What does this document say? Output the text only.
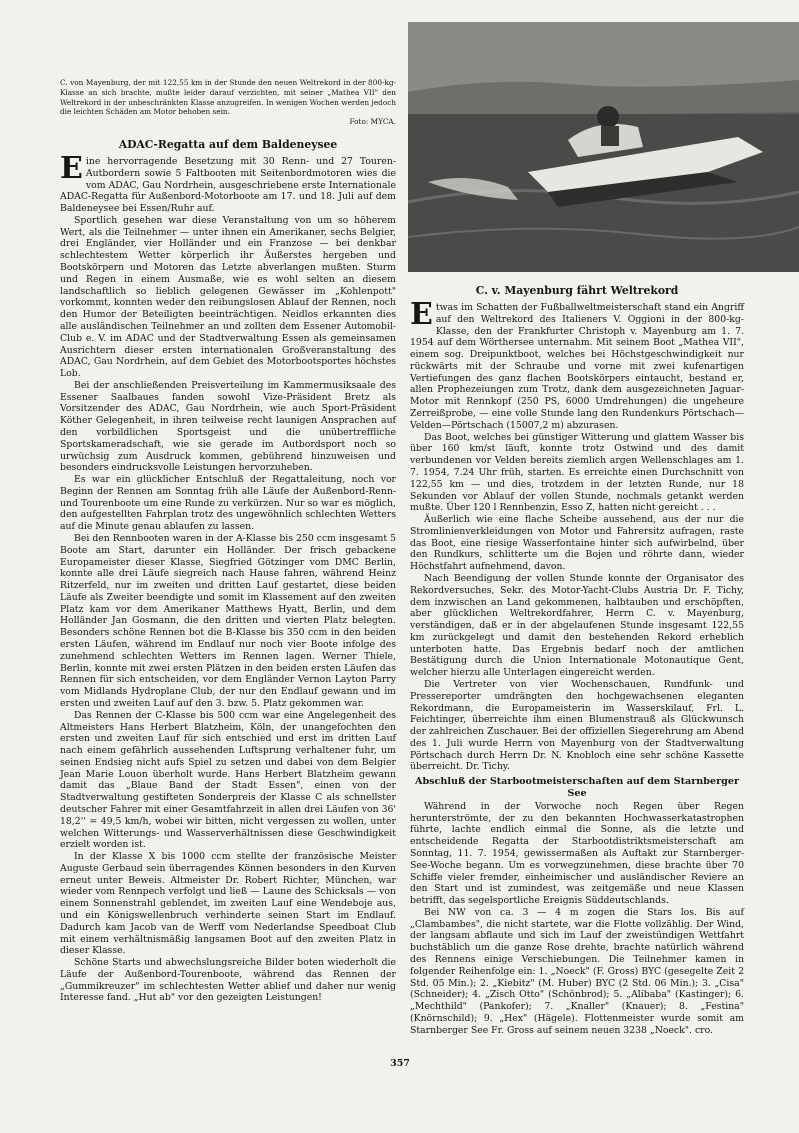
C. von Mayenburg, der mit 122,55 km in der Stunde den neuen Weltrekord in der 800-kg-Klasse an sich brachte, mußte leider darauf verzichten, mit seiner „Mathea VII" den Weltrekord in der unbeschränkten Klasse anzugreifen. In wenigen Wochen werden jedoch die leichten Schäden am Motor behoben sein.
Foto: MYCA.
ADAC-Regatta auf dem Baldeneysee

Eine hervorragende Besetzung mit 30 Renn- und 27 Touren-Autbordern sowie 5 Faltbooten mit Seitenbordmotoren wies die vom ADAC, Gau Nordrhein, ausgeschriebene erste Internationale ADAC-Regatta für Außenbord-Motorboote am 17. und 18. Juli auf dem Baldeneysee bei Essen/Ruhr auf.

Sportlich gesehen war diese Veranstaltung von um so höherem Wert, als die Teilnehmer — unter ihnen ein Amerikaner, sechs Belgier, drei Engländer, vier Holländer und ein Franzose — bei denkbar schlechtestem Wetter körperlich ihr Äußerstes hergeben und Bootskörpern und Motoren das Letzte abverlangen mußten. Sturm und Regen in einem Ausmaße, wie es wohl selten an diesem landschaftlich so lieblich gelegenen Gewässer im „Kohlenpott" vorkommt, konnten weder den reibungslosen Ablauf der Rennen, noch den Humor der Beteiligten beeinträchtigen. Neidlos erkannten dies alle ausländischen Teilnehmer an und zollten dem Essener Automobil-Club e. V. im ADAC und der Stadtverwaltung Essen als gemeinsamen Ausrichtern dieser ersten internationalen Großveranstaltung des ADAC, Gau Nordrhein, auf dem Gebiet des Motorbootsportes höchstes Lob.

Bei der anschließenden Preisverteilung im Kammermusiksaale des Essener Saalbaues fanden sowohl Vize-Präsident Bretz als Vorsitzender des ADAC, Gau Nordrhein, wie auch Sport-Präsident Köther Gelegenheit, in ihren teilweise recht launigen Ansprachen auf den vorbildlichen Sportsgeist und die unübertreffliche Sportskameradschaft, wie sie gerade im Autbordsport noch so urwüchsig zum Ausdruck kommen, gebührend hinzuweisen und besonders eindrucksvolle Leistungen hervorzuheben.

Es war ein glücklicher Entschluß der Regattaleitung, noch vor Beginn der Rennen am Sonntag früh alle Läufe der Außenbord-Renn- und Tourenboote um eine Runde zu verkürzen. Nur so war es möglich, den aufgestellten Fahrplan trotz des ungewöhnlich schlechten Wetters auf die Minute genau ablaufen zu lassen.

Bei den Rennbooten waren in der A-Klasse bis 250 ccm insgesamt 5 Boote am Start, darunter ein Holländer. Der frisch gebackene Europameister dieser Klasse, Siegfried Götzinger vom DMC Berlin, konnte alle drei Läufe siegreich nach Hause fahren, während Heinz Ritzerfeld, nur im zweiten und dritten Lauf gestartet, diese beiden Läufe als Zweiter beendigte und somit im Klassement auf den zweiten Platz kam vor dem Amerikaner Matthews Hyatt, Berlin, und dem Holländer Jan Gosmann, die den dritten und vierten Platz belegten. Besonders schöne Rennen bot die B-Klasse bis 350 ccm in den beiden ersten Läufen, während im Endlauf nur noch vier Boote infolge des zunehmend schlechten Wetters im Rennen lagen. Werner Thiele, Berlin, konnte mit zwei ersten Plätzen in den beiden ersten Läufen das Rennen für sich entscheiden, vor dem Engländer Vernon Layton Parry vom Midlands Hydroplane Club, der nur den Endlauf gewann und im ersten und zweiten Lauf auf den 3. bzw. 5. Platz gekommen war.

Das Rennen der C-Klasse bis 500 ccm war eine Angelegenheit des Altmeisters Hans Herbert Blatzheim, Köln, der unangefochten den ersten und zweiten Lauf für sich entschied und erst im dritten Lauf nach einem gefährlich aussehenden Luftsprung verhaltener fuhr, um seinen Endsieg nicht aufs Spiel zu setzen und dabei von dem Belgier Jean Marie Louon überholt wurde. Hans Herbert Blatzheim gewann damit das „Blaue Band der Stadt Essen", einen von der Stadtverwaltung gestifteten Sonderpreis der Klasse C als schnellster deutscher Fahrer mit einer Gesamtfahrzeit in allen drei Läufen von 36' 18,2'' = 49,5 km/h, wobei wir bitten, nicht vergessen zu wollen, unter welchen Witterungs- und Wasserverhältnissen diese Geschwindigkeit erzielt worden ist.

In der Klasse X bis 1000 ccm stellte der französische Meister Auguste Gerbaud sein überragendes Können besonders in den Kurven erneut unter Beweis. Altmeister Dr. Robert Richter, München, war wieder vom Rennpech verfolgt und ließ — Laune des Schicksals — von einem Sonnenstrahl geblendet, im zweiten Lauf eine Wendeboje aus, und ein Königswellenbruch verhinderte seinen Start im Endlauf. Dadurch kam Jacob van de Werff vom Nederlandse Speedboat Club mit einem verhältnismäßig langsamen Boot auf den zweiten Platz in dieser Klasse.

Schöne Starts und abwechslungsreiche Bilder boten wiederholt die Läufe der Außenbord-Tourenboote, während das Rennen der „Gummikreuzer" im schlechtesten Wetter ablief und daher nur wenig Interesse fand. „Hut ab" vor den gezeigten Leistungen!

C. v. Mayenburg fährt Weltrekord

Etwas im Schatten der Fußballweltmeisterschaft stand ein Angriff auf den Weltrekord des Italieners V. Oggioni in der 800-kg-Klasse, den der Frankfurter Christoph v. Mayenburg am 1. 7. 1954 auf dem Wörthersee unternahm. Mit seinem Boot „Mathea VII", einem sog. Dreipunktboot, welches bei Höchstgeschwindigkeit nur rückwärts mit der Schraube und vorne mit zwei kufenartigen Vertiefungen des ganz flachen Bootskörpers eintaucht, bestand er, allen Prophezeiungen zum Trotz, dank dem ausgezeichneten Jaguar-Motor mit Rennkopf (250 PS, 6000 Umdrehungen) die ungeheure Zerreißprobe, — eine volle Stunde lang den Rundenkurs Pörtschach—Velden—Pörtschach (15007,2 m) abzurasen.

Das Boot, welches bei günstiger Witterung und glattem Wasser bis über 160 km/st läuft, konnte trotz Ostwind und des damit verbundenen vor Velden bereits ziemlich argen Wellenschlages am 1. 7. 1954, 7.24 Uhr früh, starten. Es erreichte einen Durchschnitt von 122,55 km — und dies, trotzdem in der letzten Runde, nur 18 Sekunden vor Ablauf der vollen Stunde, nochmals getankt werden mußte. Über 120 l Rennbenzin, Esso Z, hatten nicht gereicht . . .

Äußerlich wie eine flache Scheibe aussehend, aus der nur die Stromlinienverkleidungen von Motor und Fahrersitz aufragen, raste das Boot, eine riesige Wasserfontaine hinter sich aufwirbelnd, über den Rundkurs, schlitterte um die Bojen und röhrte dann, wieder Höchstfahrt aufnehmend, davon.

Nach Beendigung der vollen Stunde konnte der Organisator des Rekordversuches, Sekr. des Motor-Yacht-Clubs Austria Dr. F. Tichy, dem inzwischen an Land gekommenen, halbtauben und erschöpften, aber glücklichen Weltrekordfahrer, Herrn C. v. Mayenburg, verständigen, daß er in der abgelaufenen Stunde insgesamt 122,55 km zurückgelegt und damit den bestehenden Rekord erheblich unterboten hatte. Das Ergebnis bedarf noch der amtlichen Bestätigung durch die Union Internationale Motonautique Gent, welcher hierzu alle Unterlagen eingereicht werden.

Die Vertreter von vier Wochenschauen, Rundfunk- und Pressereporter umdrängten den hochgewachsenen eleganten Rekordmann, die Europameisterin im Wasserskilauf, Frl. L. Feichtinger, überreichte ihm einen Blumenstrauß als Glückwunsch der zahlreichen Zuschauer. Bei der offiziellen Siegerehrung am Abend des 1. Juli wurde Herrn von Mayenburg von der Stadtverwaltung Pörtschach durch Herrn Dr. N. Knobloch eine sehr schöne Kassette überreicht. Dr. Tichy.

Abschluß der Starbootmeisterschaften auf dem Starnberger See

Während in der Vorwoche noch Regen über Regen herunterströmte, der zu den bekannten Hochwasserkatastrophen führte, lachte endlich einmal die Sonne, als die letzte und entscheidende Regatta der Starbootdistriktsmeisterschaft am Sonntag, 11. 7. 1954, gewissermaßen als Auftakt zur Starnberger-See-Woche begann. Um es vorwegzunehmen, diese brachte über 70 Schiffe vieler fremder, einheimischer und ausländischer Reviere an den Start und ist zumindest, was zeitgemäße und neue Klassen betrifft, das segelsportliche Ereignis Süddeutschlands.

Bei NW von ca. 3 — 4 m zogen die Stars los. Bis auf „Clambambes", die nicht startete, war die Flotte vollzählig. Der Wind, der langsam abflaute und sich im Lauf der zweistündigen Wettfahrt buchstäblich um die ganze Rose drehte, brachte natürlich während des Rennens einige Verschiebungen. Die Teilnehmer kamen in folgender Reihenfolge ein: 1. „Noeck" (F. Gross) BYC (gesegelte Zeit 2 Std. 05 Min.); 2. „Kiebitz" (M. Huber) BYC (2 Std. 06 Min.); 3. „Cisa" (Schneider); 4. „Zisch Otto" (Schönbrod); 5. „Alibaba" (Kastinger); 6. „Mechthild" (Pankofer); 7. „Knaller" (Knauer); 8. „Festina" (Knörnschild); 9. „Hex" (Hägele). Flottenmeister wurde somit am Starnberger See Fr. Gross auf seinem neuen 3238 „Noeck". cro.

357
